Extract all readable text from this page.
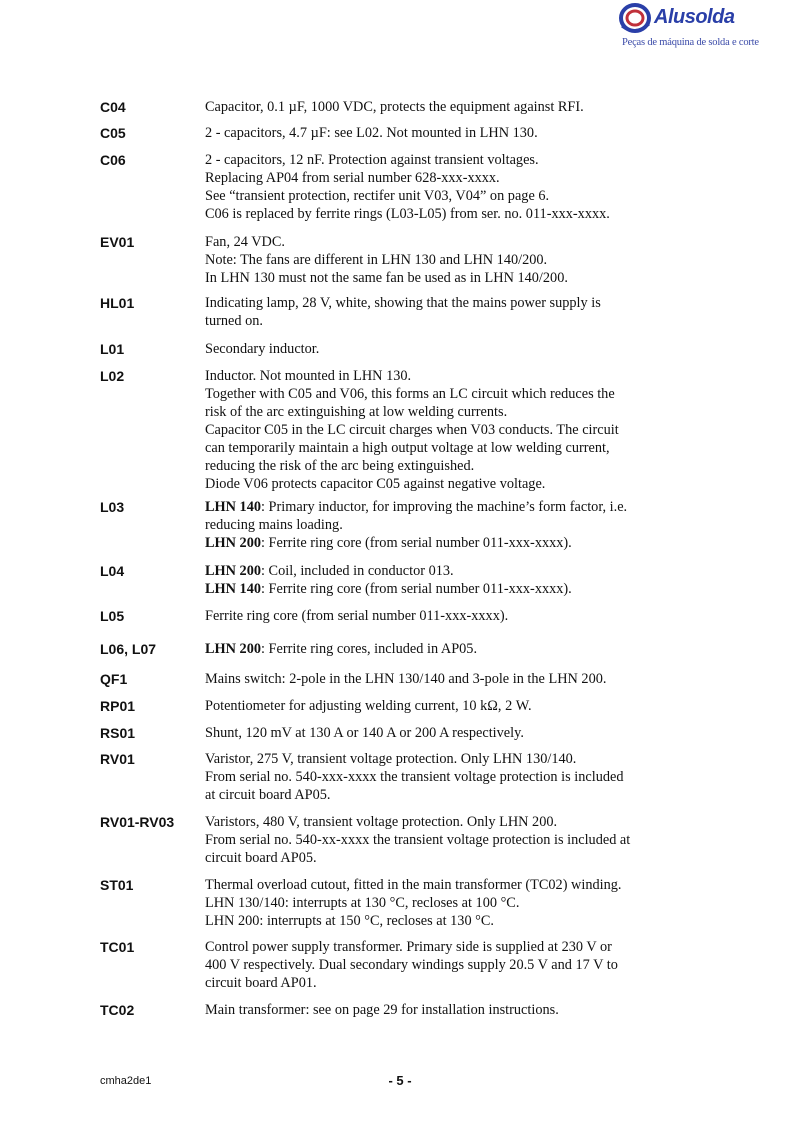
Alusolda
Peças de máquina de solda e corte
C04	Capacitor, 0.1 µF, 1000 VDC, protects the equipment against RFI.
C05	2 - capacitors, 4.7 µF: see L02. Not mounted in LHN 130.
C06	2 - capacitors, 12 nF. Protection against transient voltages.
Replacing AP04 from serial number 628-xxx-xxxx.
See “transient protection, rectifer unit V03, V04” on page 6.
C06 is replaced by ferrite rings (L03-L05) from ser. no. 011-xxx-xxxx.
EV01	Fan, 24 VDC.
Note: The fans are different in LHN 130 and LHN 140/200.
In LHN 130 must not the same fan be used as in LHN 140/200.
HL01	Indicating lamp, 28 V, white, showing that the mains power supply is
turned on.
L01	Secondary inductor.
L02	Inductor. Not mounted in LHN 130.
Together with C05 and V06, this forms an LC circuit which reduces the
risk of the arc extinguishing at low welding currents.
Capacitor C05 in the LC circuit charges when V03 conducts. The circuit
can temporarily maintain a high output voltage at low welding current,
reducing the risk of the arc being extinguished.
Diode V06 protects capacitor C05 against negative voltage.
L03	LHN 140: Primary inductor, for improving the machine’s form factor, i.e.
reducing mains loading.
LHN 200: Ferrite ring core (from serial number 011-xxx-xxxx).
L04	LHN 200: Coil, included in conductor 013.
LHN 140: Ferrite ring core (from serial number 011-xxx-xxxx).
L05	Ferrite ring core (from serial number 011-xxx-xxxx).
L06, L07	LHN 200: Ferrite ring cores, included in AP05.
QF1	Mains switch: 2-pole in the LHN 130/140 and 3-pole in the LHN 200.
RP01	Potentiometer for adjusting welding current, 10 kΩ, 2 W.
RS01	Shunt, 120 mV at 130 A or 140 A or 200 A respectively.
RV01	Varistor, 275 V, transient voltage protection. Only LHN 130/140.
From serial no. 540-xxx-xxxx the transient voltage protection is included
at circuit board AP05.
RV01-RV03 Varistors, 480 V, transient voltage protection. Only LHN 200.
From serial no. 540-xx-xxxx the transient voltage protection is included at
circuit board AP05.
ST01	Thermal overload cutout, fitted in the main transformer (TC02) winding.
LHN 130/140: interrupts at 130 °C, recloses at 100 °C.
LHN 200: interrupts at 150 °C, recloses at 130 °C.
TC01	Control power supply transformer. Primary side is supplied at 230 V or
400 V respectively. Dual secondary windings supply 20.5 V and 17 V to
circuit board AP01.
TC02	Main transformer: see on page 29 for installation instructions.
cmha2de1	- 5 -
